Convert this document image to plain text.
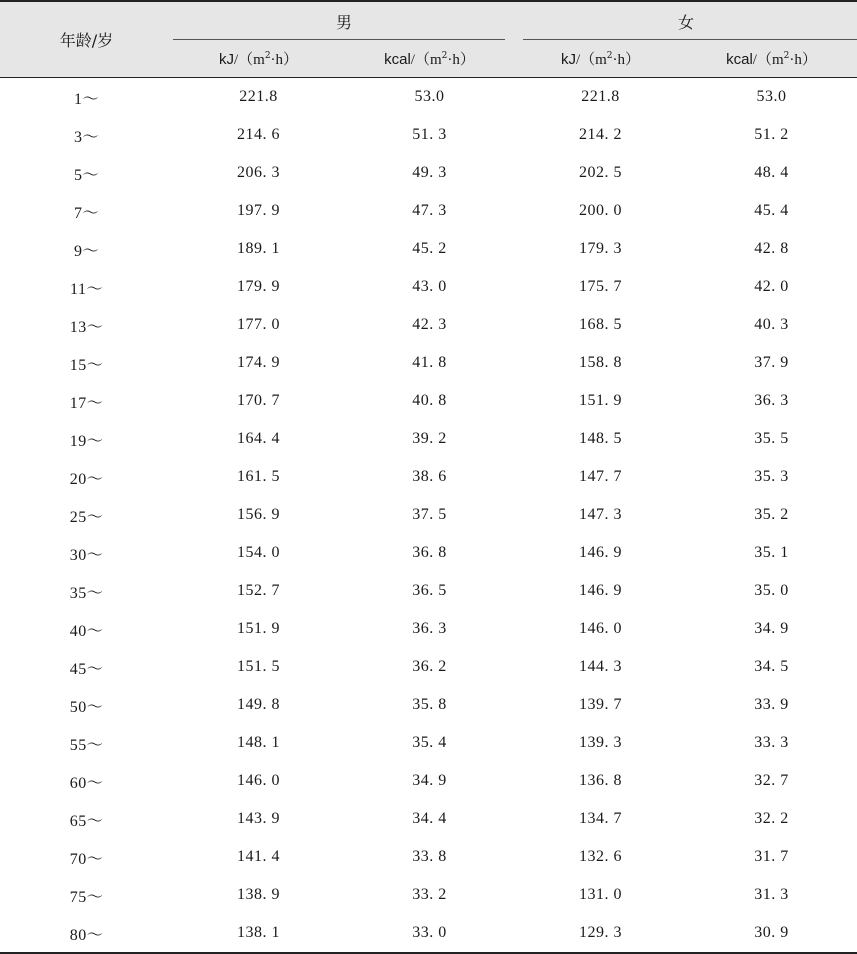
年龄/岁	男		女	

	$kJ/(m^2\cdot h)$	kcal/$(m^2\cdot h)$	$kJ/(m^2\cdot h)$	kcal/$(m^2\cdot h)$
1～	221.8	53.0	221.8	53.0
3～	214. 6	51. 3	214. 2	51. 2
5～	206. 3	49. 3	202. 5	48. 4
7～	197. 9	47. 3	200. 0	45. 4
9～	189. 1	45. 2	179. 3	42. 8
11～	179. 9	43. 0	175. 7	42. 0
13～	177. 0	42. 3	168. 5	40. 3
15～	174. 9	41. 8	158. 8	37. 9
17～	170. 7	40. 8	151. 9	36. 3
19～	164. 4	39. 2	148. 5	35. 5
20～	161. 5	38. 6	147. 7	35. 3
25～	156. 9	37. 5	147. 3	35. 2
30～	154. 0	36. 8	146. 9	35. 1
35～	152. 7	36. 5	146. 9	35. 0
40～	151. 9	36. 3	146. 0	34. 9
45～	151. 5	36. 2	144. 3	34. 5
50～	149. 8	35. 8	139. 7	33. 9
55～	148. 1	35. 4	139. 3	33. 3
60～	146. 0	34. 9	136. 8	32. 7
65～	143. 9	34. 4	134. 7	32. 2
70～	141. 4	33. 8	132. 6	31. 7
75～	138. 9	33. 2	131. 0	31. 3
80～	138. 1	33. 0	129. 3	30. 9
